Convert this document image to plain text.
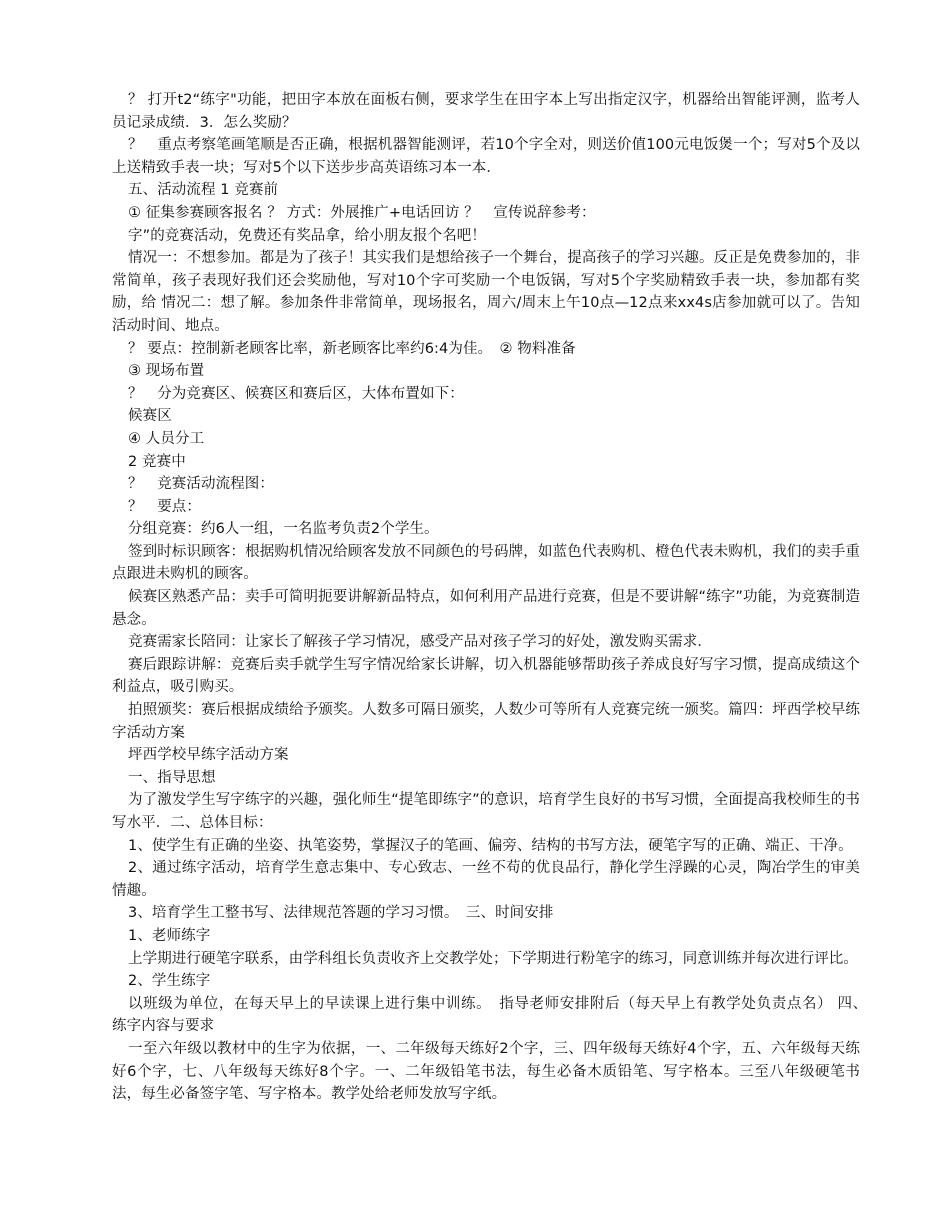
？ 打开t2“练字"功能，把田字本放在面板右侧，要求学生在田字本上写出指定汉字，机器给出智能评测，监考人员记录成绩．3．怎么奖励？

？　重点考察笔画笔顺是否正确，根据机器智能测评，若10个字全对，则送价值100元电饭煲一个；写对5个及以上送精致手表一块；写对5个以下送步步高英语练习本一本．

五、活动流程 1 竞赛前

① 征集参赛顾客报名 ？ 方式：外展推广+电话回访 ？　宣传说辞参考：

字”的竞赛活动，免费还有奖品拿，给小朋友报个名吧！

情况一：不想参加。都是为了孩子！其实我们是想给孩子一个舞台，提高孩子的学习兴趣。反正是免费参加的，非常简单，孩子表现好我们还会奖励他，写对10个字可奖励一个电饭锅，写对5个字奖励精致手表一块，参加都有奖励，给 情况二：想了解。参加条件非常简单，现场报名，周六/周末上午10点—12点来xx4s店参加就可以了。告知活动时间、地点。

？ 要点：控制新老顾客比率，新老顾客比率约6:4为佳。　② 物料准备

③ 现场布置

？　分为竞赛区、候赛区和赛后区，大体布置如下：

候赛区

④ 人员分工

2 竞赛中

？　竞赛活动流程图：

？　要点：

分组竞赛：约6人一组，一名监考负责2个学生。

签到时标识顾客：根据购机情况给顾客发放不同颜色的号码牌，如蓝色代表购机、橙色代表未购机，我们的卖手重点跟进未购机的顾客。

候赛区熟悉产品：卖手可简明扼要讲解新品特点，如何利用产品进行竞赛，但是不要讲解“练字”功能，为竞赛制造悬念。

竞赛需家长陪同：让家长了解孩子学习情况，感受产品对孩子学习的好处，激发购买需求．

赛后跟踪讲解：竞赛后卖手就学生写字情况给家长讲解，切入机器能够帮助孩子养成良好写字习惯，提高成绩这个利益点，吸引购买。

拍照颁奖：赛后根据成绩给予颁奖。人数多可隔日颁奖，人数少可等所有人竞赛完统一颁奖。篇四：坪西学校早练字活动方案

坪西学校早练字活动方案

一、指导思想

为了激发学生写字练字的兴趣，强化师生“提笔即练字”的意识，培育学生良好的书写习惯，全面提高我校师生的书写水平．二、总体目标：

1、使学生有正确的坐姿、执笔姿势，掌握汉子的笔画、偏旁、结构的书写方法，硬笔字写的正确、端正、干净。

2、通过练字活动，培育学生意志集中、专心致志、一丝不苟的优良品行，静化学生浮躁的心灵，陶冶学生的审美情趣。

3、培育学生工整书写、法律规范答题的学习习惯。　三、时间安排

1、老师练字

上学期进行硬笔字联系，由学科组长负责收齐上交教学处；下学期进行粉笔字的练习，同意训练并每次进行评比。

2、学生练字

以班级为单位，在每天早上的早读课上进行集中训练。　指导老师安排附后（每天早上有教学处负责点名） 四、　练字内容与要求

一至六年级以教材中的生字为依据，一、二年级每天练好2个字，三、四年级每天练好4个字，五、六年级每天练好6个字，七、八年级每天练好8个字。一、二年级铅笔书法，每生必备木质铅笔、写字格本。三至八年级硬笔书法，每生必备签字笔、写字格本。教学处给老师发放写字纸。
